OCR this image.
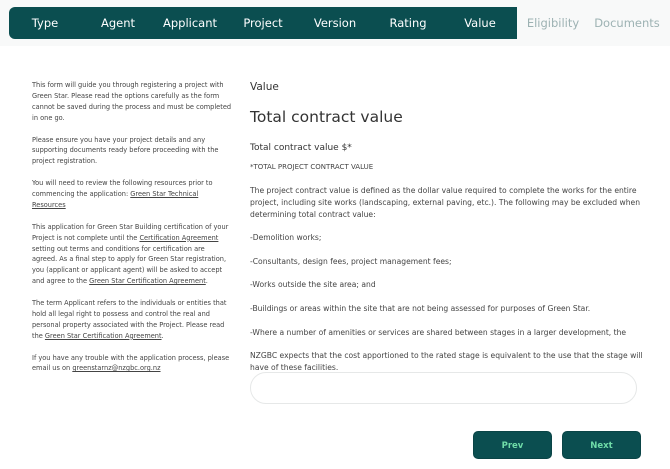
Type	Agent	Applicant	Project	Version	Rating	Value	Eligibility Documents

This form will guide you through registering a project with Green Star. Please read the options carefully as the form cannot be saved during the process and must be completed in one go.

Please ensure you have your project details and any supporting documents ready before proceeding with the project registration.

You will need to review the following resources prior to commencing the application: Green Star Technical Resources

This application for Green Star Building certification of your Project is not complete until the Certification Agreement setting out terms and conditions for certification are agreed. As a final step to apply for Green Star registration, you (applicant or applicant agent) will be asked to accept and agree to the Green Star Certification Agreement.

The term Applicant refers to the individuals or entities that hold all legal right to possess and control the real and personal property associated with the Project. Please read the Green Star Certification Agreement.

If you have any trouble with the application process, please email us on greenstarnz@nzgbc.org.nz

Value
Total contract value
Total contract value $*
*TOTAL PROJECT CONTRACT VALUE

The project contract value is defined as the dollar value required to complete the works for the entire project, including site works (landscaping, external paving, etc.). The following may be excluded when determining total contract value:

-Demolition works;

-Consultants, design fees, project management fees;

-Works outside the site area; and

-Buildings or areas within the site that are not being assessed for purposes of Green Star.

-Where a number of amenities or services are shared between stages in a larger development, the

NZGBC expects that the cost apportioned to the rated stage is equivalent to the use that the stage will have of these facilities.

Prev	Next
